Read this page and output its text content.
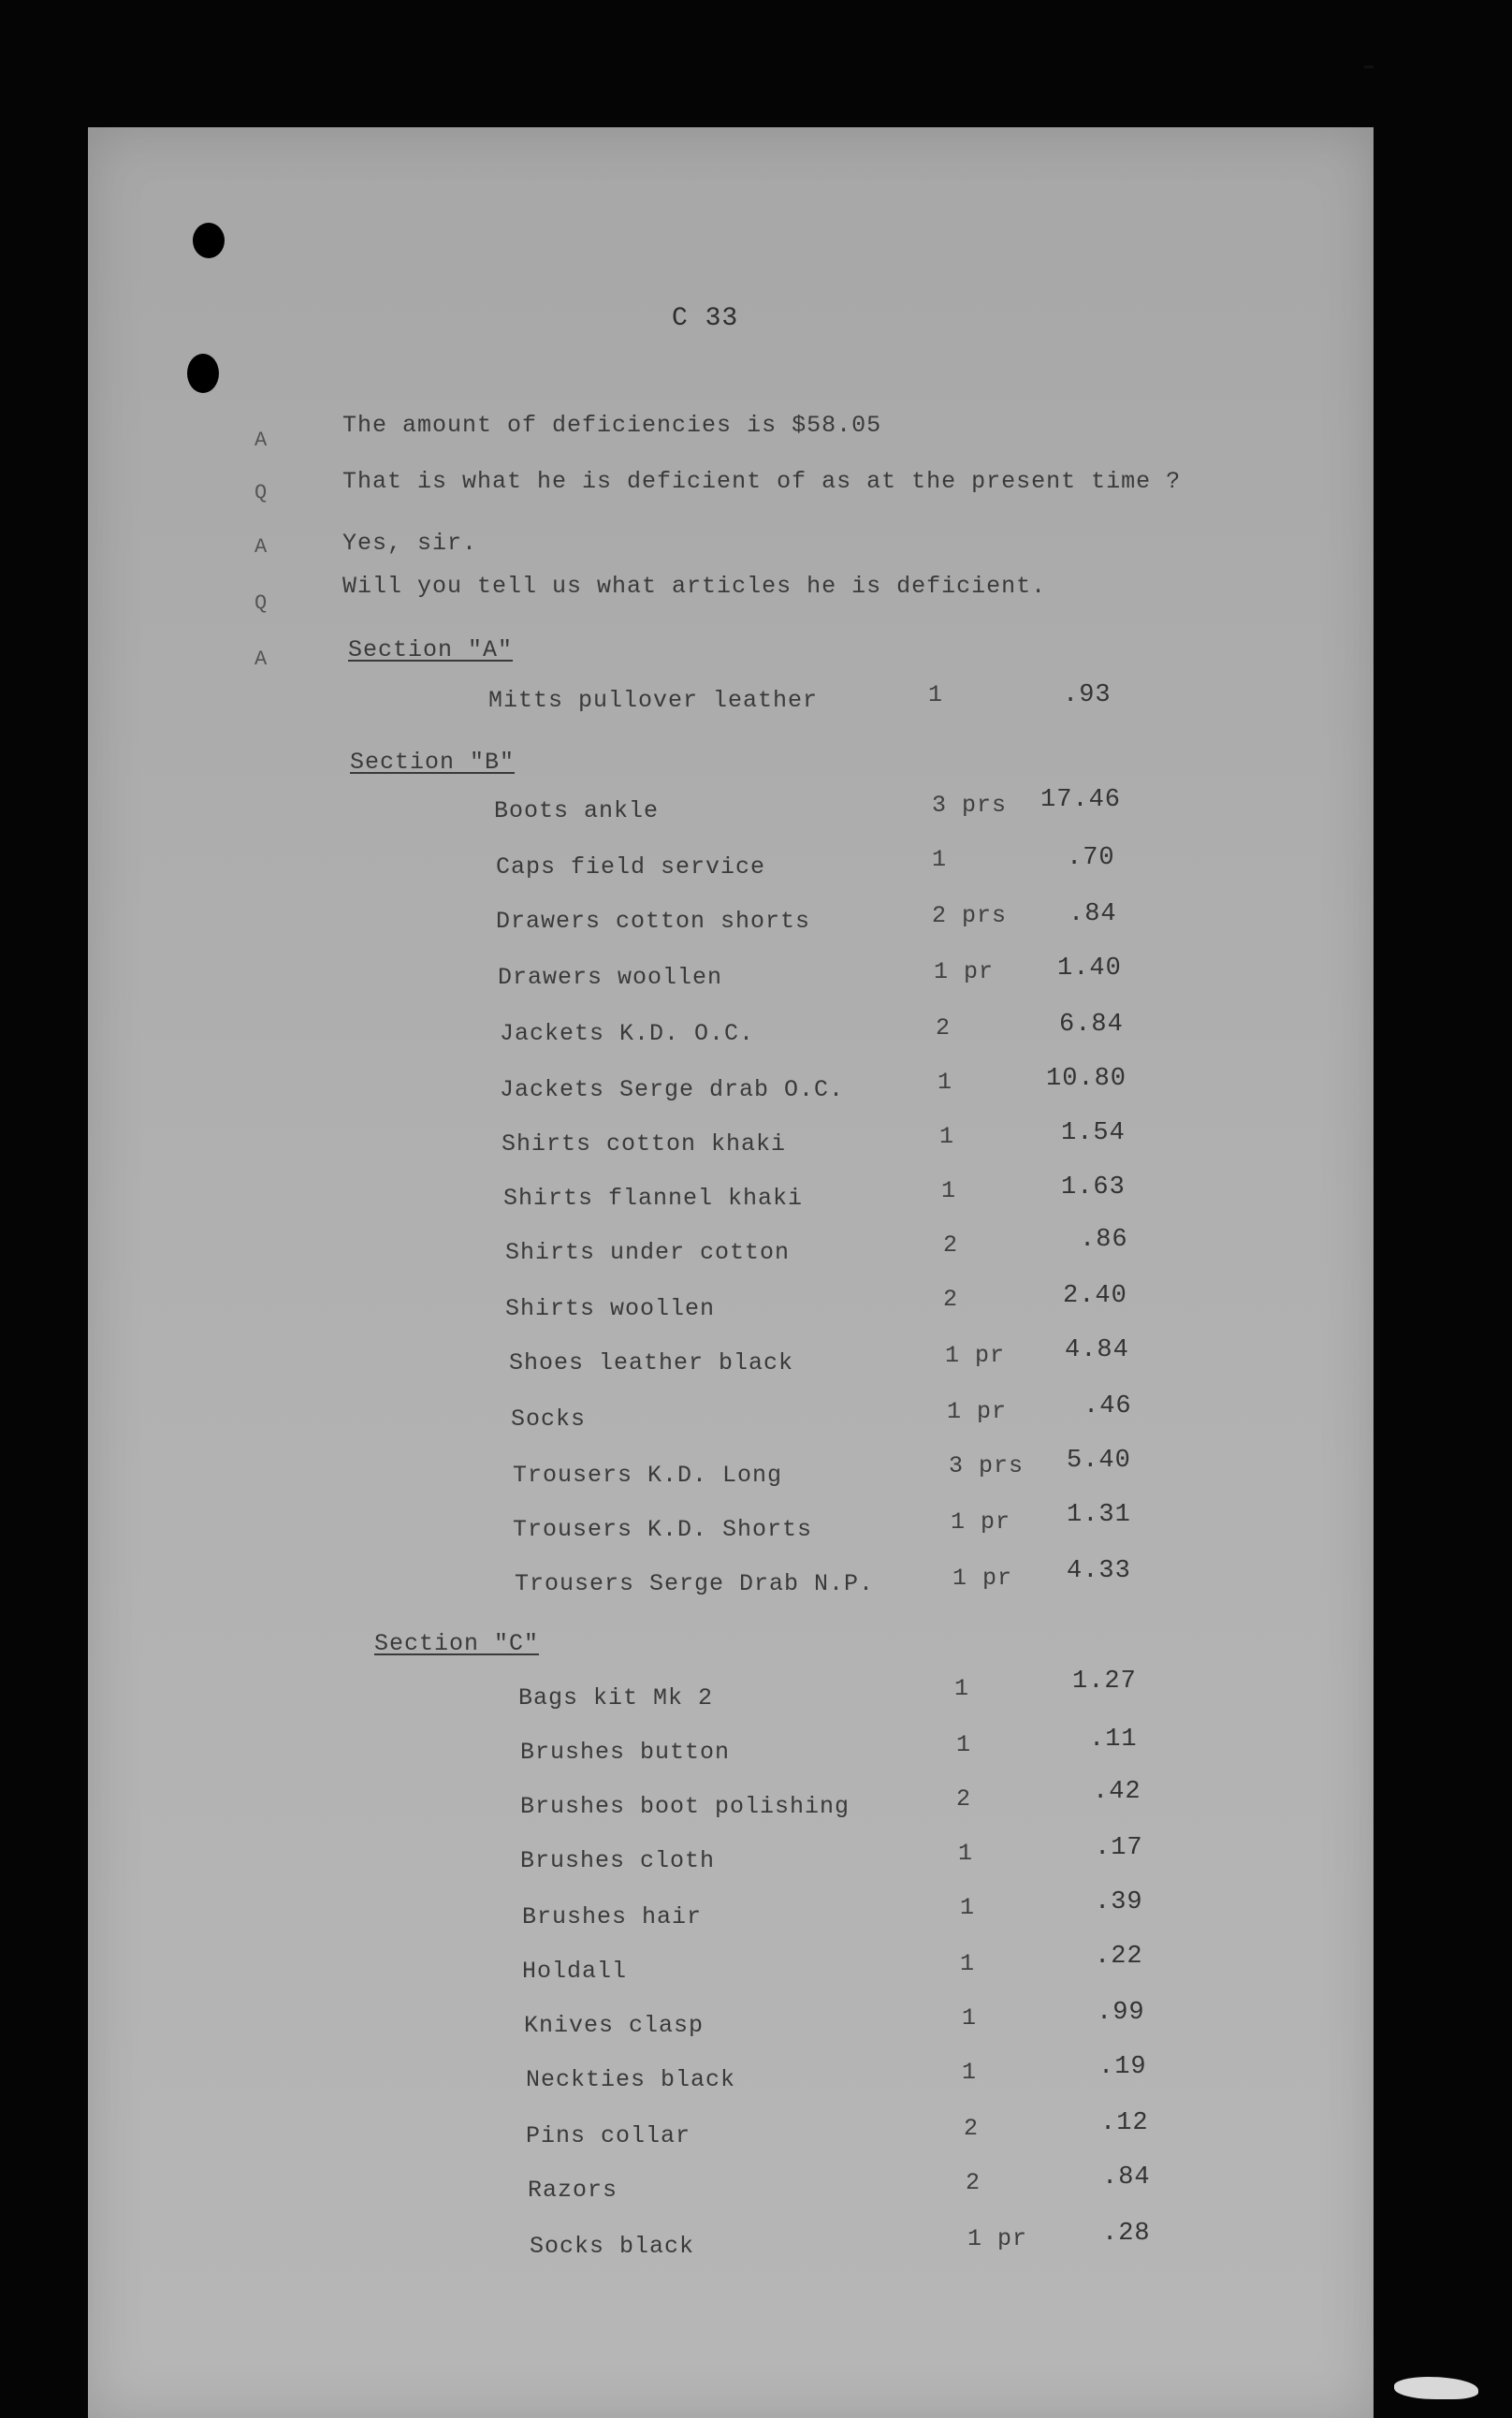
C 33
A
The amount of deficiencies is $58.05
Q	That is what he is deficient of as at the present time ?
A	Yes, sir.
Q
Will you tell us what articles he is deficient.
A	Section "A"
Mitts pullover leather	1	.93
Section "B"
Boots ankle	3 prs 17.46
Caps field service	1	.70
Drawers cotton shorts	2 prs .84
Drawers woollen	1 pr	1.40
Jackets K.D. O.C.	2	6.84
Jackets Serge drab O.C.	1	10.80
Shirts cotton khaki	1	1.54
Shirts flannel khaki	1	1.63
Shirts under cotton	2	.86
Shirts woollen	2	2.40
Shoes leather black	1 pr 4.84
Socks	1 pr	.46
Trousers K.D. Long	3 prs 5.40
Trousers K.D. Shorts	1 pr 1.31
Trousers Serge Drab N.P.	1 pr 4.33
Section "C"
Bags kit Mk 2	1	1.27
Brushes button	1	.11
Brushes boot polishing	2	.42
Brushes cloth	1	.17
Brushes hair	1	.39
Holdall	1	.22
Knives clasp	1	.99
Neckties black	1	.19
Pins collar	2	.12
Razors	2	.84
Socks black	1 pr	.28
